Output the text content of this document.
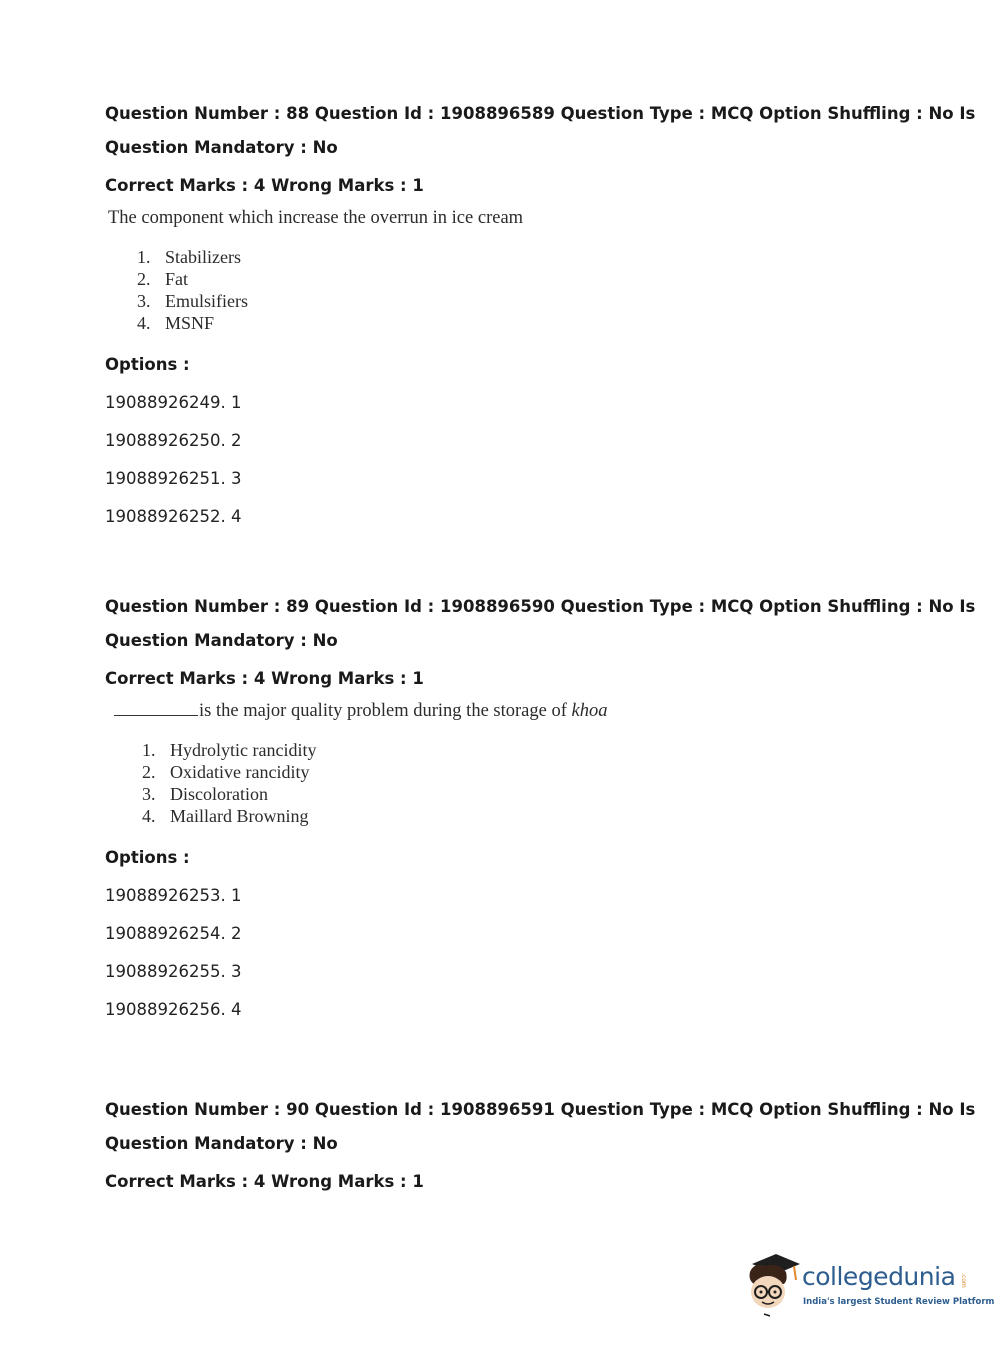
Question Number : 88 Question Id : 1908896589 Question Type : MCQ Option Shuffling : No Is
Question Mandatory : No
Correct Marks : 4 Wrong Marks : 1
The component which increase the overrun in ice cream
1. Stabilizers
2. Fat
3. Emulsifiers
4. MSNF
Options :
19088926249. 1
19088926250. 2
19088926251. 3
19088926252. 4
Question Number : 89 Question Id : 1908896590 Question Type : MCQ Option Shuffling : No Is
Question Mandatory : No
Correct Marks : 4 Wrong Marks : 1
is the major quality problem during the storage of khoa
1. Hydrolytic rancidity
2. Oxidative rancidity
3. Discoloration
4. Maillard Browning
Options :
19088926253. 1
19088926254. 2
19088926255. 3
19088926256. 4
Question Number : 90 Question Id : 1908896591 Question Type : MCQ Option Shuffling : No Is
Question Mandatory : No
Correct Marks : 4 Wrong Marks : 1
collegedunia .com
India's largest Student Review Platform
